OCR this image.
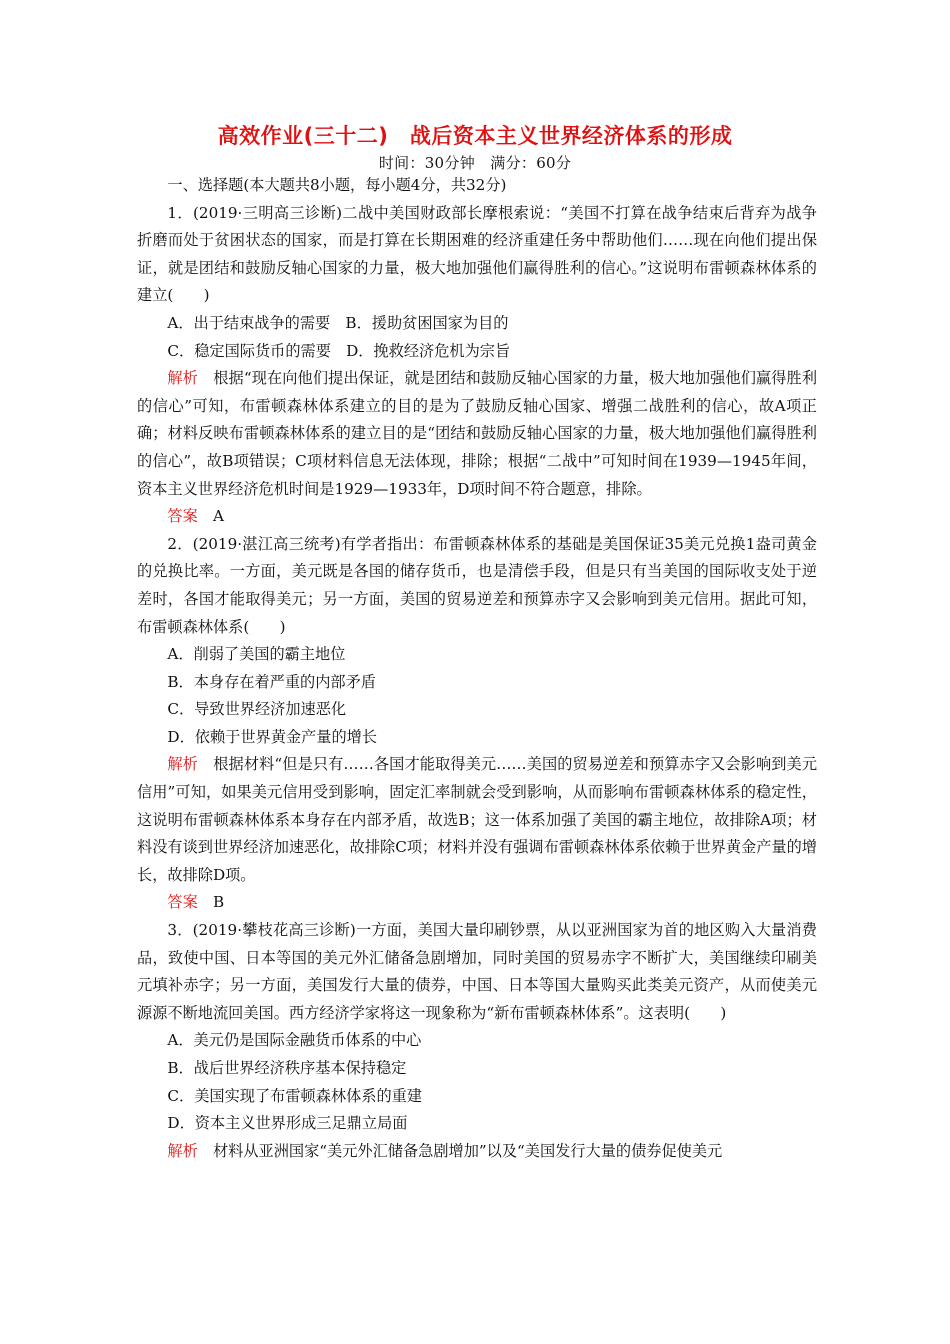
高效作业(三十二)　战后资本主义世界经济体系的形成
时间：30分钟　满分：60分

一、选择题(本大题共8小题，每小题4分，共32分)

1．(2019·三明高三诊断)二战中美国财政部长摩根索说：“美国不打算在战争结束后背弃为战争折磨而处于贫困状态的国家，而是打算在长期困难的经济重建任务中帮助他们……现在向他们提出保证，就是团结和鼓励反轴心国家的力量，极大地加强他们赢得胜利的信心。”这说明布雷顿森林体系的建立(　　)

A．出于结束战争的需要　B．援助贫困国家为目的

C．稳定国际货币的需要　D．挽救经济危机为宗旨

解析　 根据“现在向他们提出保证，就是团结和鼓励反轴心国家的力量，极大地加强他们赢得胜利的信心”可知，布雷顿森林体系建立的目的是为了鼓励反轴心国家、增强二战胜利的信心，故A项正确；材料反映布雷顿森林体系的建立目的是“团结和鼓励反轴心国家的力量，极大地加强他们赢得胜利的信心”，故B项错误；C项材料信息无法体现，排除；根据“二战中”可知时间在1939—1945年间，资本主义世界经济危机时间是1929—1933年，D项时间不符合题意，排除。

答案　 A

2．(2019·湛江高三统考)有学者指出：布雷顿森林体系的基础是美国保证35美元兑换1盎司黄金的兑换比率。一方面，美元既是各国的储存货币，也是清偿手段，但是只有当美国的国际收支处于逆差时，各国才能取得美元；另一方面，美国的贸易逆差和预算赤字又会影响到美元信用。据此可知，布雷顿森林体系(　　)

A．削弱了美国的霸主地位

B．本身存在着严重的内部矛盾

C．导致世界经济加速恶化

D．依赖于世界黄金产量的增长

解析　 根据材料“但是只有……各国才能取得美元……美国的贸易逆差和预算赤字又会影响到美元信用”可知，如果美元信用受到影响，固定汇率制就会受到影响，从而影响布雷顿森林体系的稳定性，这说明布雷顿森林体系本身存在内部矛盾，故选B；这一体系加强了美国的霸主地位，故排除A项；材料没有谈到世界经济加速恶化，故排除C项；材料并没有强调布雷顿森林体系依赖于世界黄金产量的增长，故排除D项。

答案　 B

3．(2019·攀枝花高三诊断)一方面，美国大量印刷钞票，从以亚洲国家为首的地区购入大量消费品，致使中国、日本等国的美元外汇储备急剧增加，同时美国的贸易赤字不断扩大，美国继续印刷美元填补赤字；另一方面，美国发行大量的债券，中国、日本等国大量购买此类美元资产，从而使美元源源不断地流回美国。西方经济学家将这一现象称为“新布雷顿森林体系”。这表明(　　)

A．美元仍是国际金融货币体系的中心

B．战后世界经济秩序基本保持稳定

C．美国实现了布雷顿森林体系的重建

D．资本主义世界形成三足鼎立局面

解析　 材料从亚洲国家“美元外汇储备急剧增加”以及“美国发行大量的债券促使美元
